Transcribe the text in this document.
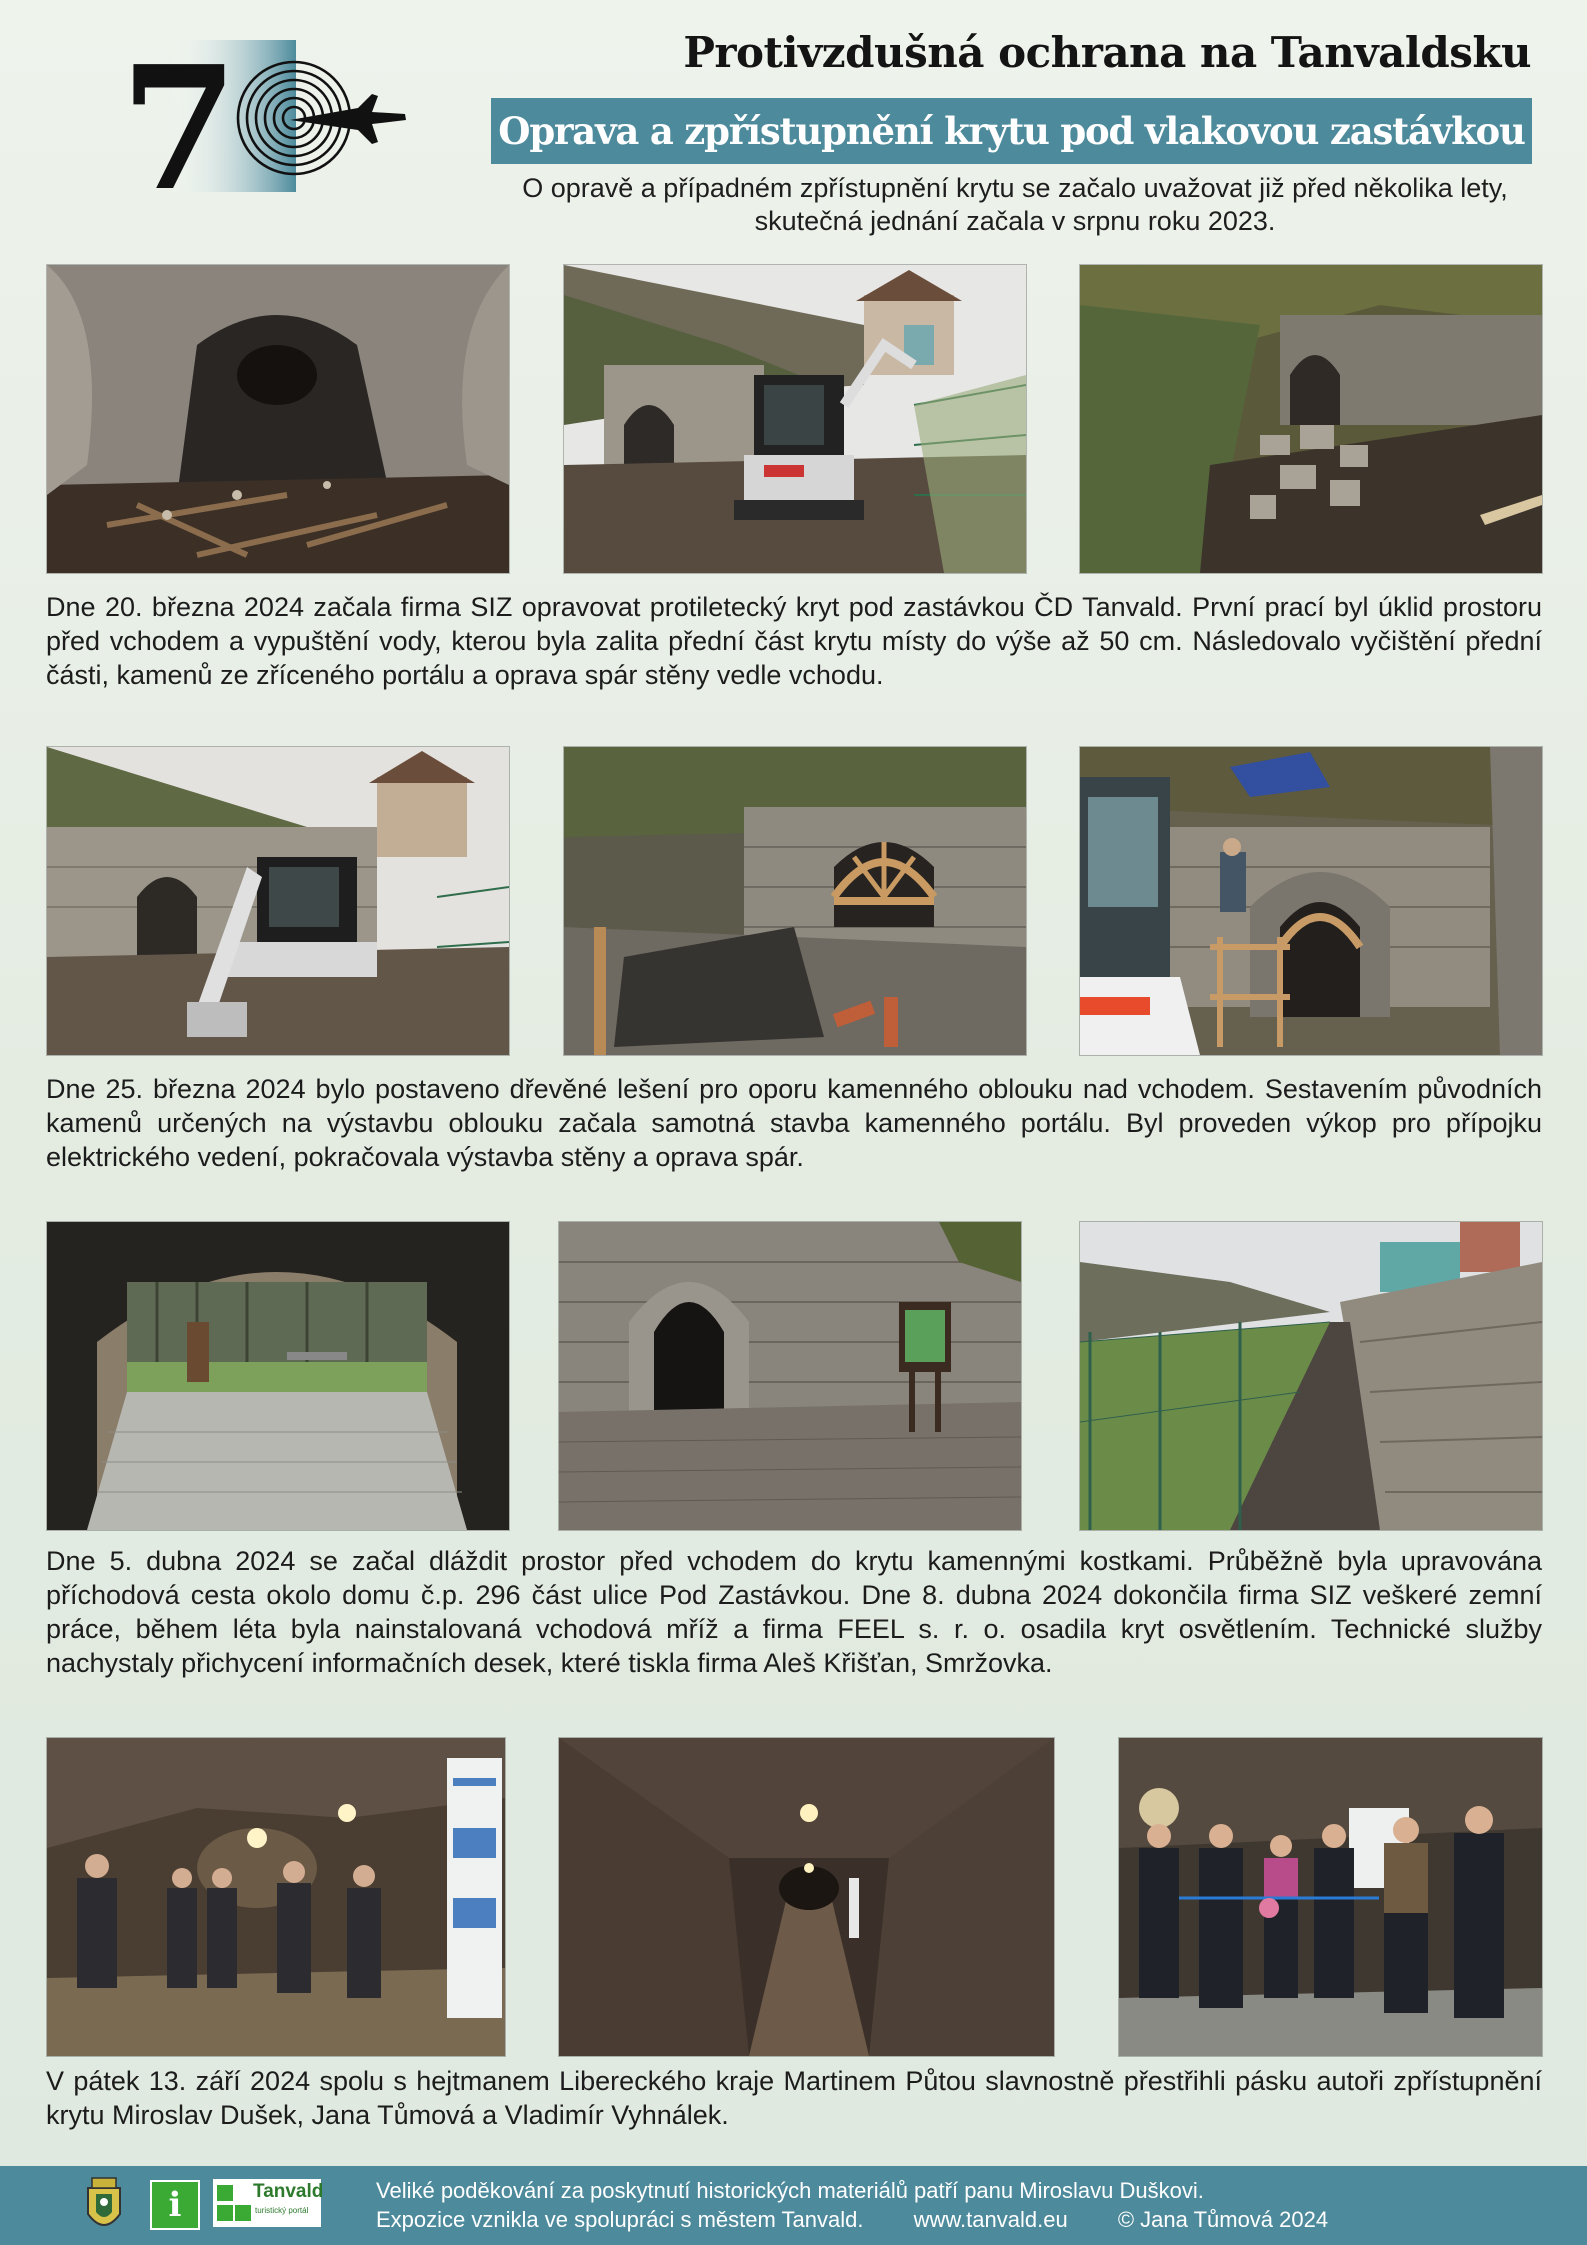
7	Protivzdušná ochrana na Tanvaldsku
Oprava a zpřístupnění krytu pod vlakovou zastávkou
O opravě a případném zpřístupnění krytu se začalo uvažovat již před několika lety, skutečná jednání začala v srpnu roku 2023.
Dne 20. března 2024 začala firma SIZ opravovat protiletecký kryt pod zastávkou ČD Tanvald. První prací byl úklid prostoru před vchodem a vypuštění vody, kterou byla zalita přední část krytu místy do výše až 50 cm. Následovalo vyčištění přední části, kamenů ze zříceného portálu a oprava spár stěny vedle vchodu.
Dne 25. března 2024 bylo postaveno dřevěné lešení pro oporu kamenného oblouku nad vchodem. Sestavením původních kamenů určených na výstavbu oblouku začala samotná stavba kamenného portálu. Byl proveden výkop pro přípojku elektrického vedení, pokračovala výstavba stěny a oprava spár.
Dne 5. dubna 2024 se začal dláždit prostor před vchodem do krytu kamennými kostkami. Průběžně byla upravována příchodová cesta okolo domu č.p. 296 část ulice Pod Zastávkou. Dne 8. dubna 2024 dokončila firma SIZ veškeré zemní práce, během léta byla nainstalovaná vchodová mříž a firma FEEL s. r. o. osadila kryt osvětlením. Technické služby nachystaly přichycení informačních desek, které tiskla firma Aleš Křišťan, Smržovka.
V pátek 13. září 2024 spolu s hejtmanem Libereckého kraje Martinem Půtou slavnostně přestřihli pásku autoři zpřístupnění krytu Miroslav Dušek, Jana Tůmová a Vladimír Vyhnálek.
i	Tanvald
turistický portál
Veliké poděkování za poskytnutí historických materiálů patří panu Miroslavu Duškovi.
Expozice vznikla ve spolupráci s městem Tanvald. www.tanvald.eu © Jana Tůmová 2024
